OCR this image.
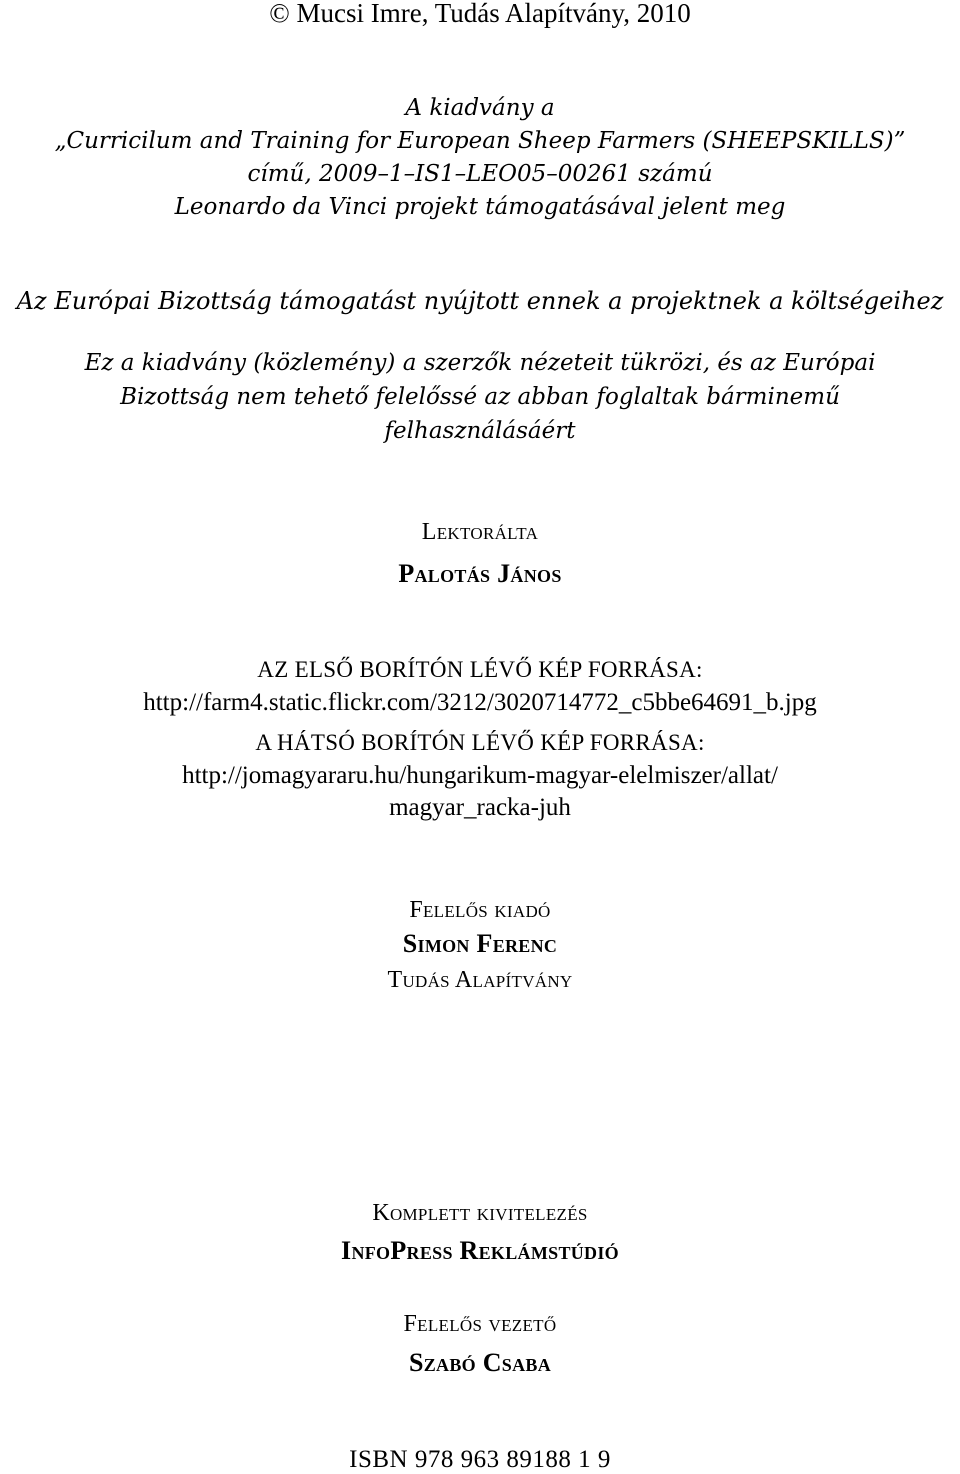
© Mucsi Imre, Tudás Alapítvány, 2010
A kiadvány a
„Curricilum and Training for European Sheep Farmers (SHEEPSKILLS)”
című, 2009–1–IS1–LEO05–00261 számú
Leonardo da Vinci projekt támogatásával jelent meg
Az Európai Bizottság támogatást nyújtott ennek a projektnek a költségeihez
Ez a kiadvány (közlemény) a szerzők nézeteit tükrözi, és az Európai
Bizottság nem tehető felelőssé az abban foglaltak bárminemű
felhasználásáért
Lektorálta
Palotás János
AZ ELSŐ BORÍTÓN LÉVŐ KÉP FORRÁSA:
http://farm4.static.flickr.com/3212/3020714772_c5bbe64691_b.jpg
A HÁTSÓ BORÍTÓN LÉVŐ KÉP FORRÁSA:
http://jomagyararu.hu/hungarikum-magyar-elelmiszer/allat/
magyar_racka-juh
Felelős kiadó
Simon Ferenc
Tudás Alapítvány
Komplett kivitelezés
InfoPress Reklámstúdió
Felelős vezető
Szabó Csaba
ISBN 978 963 89188 1 9
